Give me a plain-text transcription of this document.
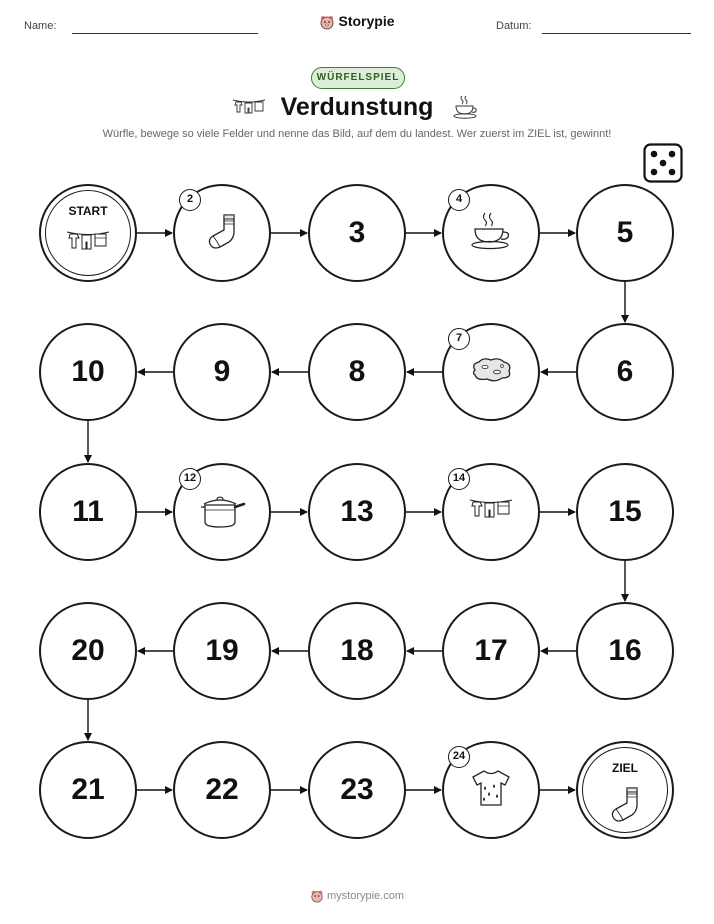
Name:	Storypie	Datum:
WÜRFELSPIEL
Verdunstung
Würfle, bewege so viele Felder und nenne das Bild, auf dem du landest. Wer zuerst im ZIEL ist, gewinnt!
ZIEL
23
22
21
20	19	18	17	16
15
13
11
10	9	8	6
5
3
START
2	4
7
12	14
24
mystorypie.com
